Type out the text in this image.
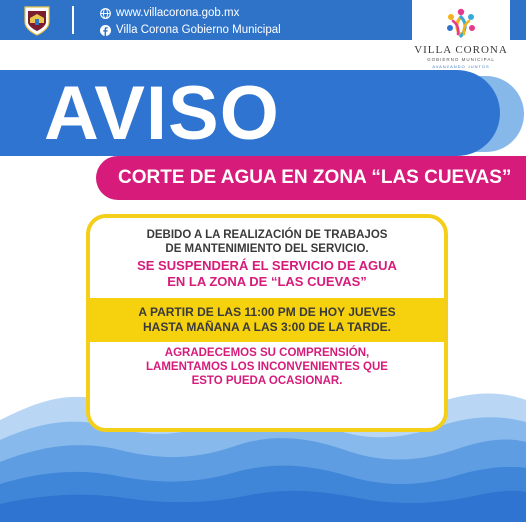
www.villacorona.gob.mx
Villa Corona Gobierno Municipal
VILLA CORONA
GOBIERNO MUNICIPAL
AVANZANDO JUNTOS
AVISO
CORTE DE AGUA EN ZONA “LAS CUEVAS”
DEBIDO A LA REALIZACIÓN DE TRABAJOS
DE MANTENIMIENTO DEL SERVICIO.
SE SUSPENDERÁ EL SERVICIO DE AGUA
EN LA ZONA DE “LAS CUEVAS”
A PARTIR DE LAS 11:00 PM DE HOY JUEVES
HASTA MAÑANA A LAS 3:00 DE LA TARDE.
AGRADECEMOS SU COMPRENSIÓN,
LAMENTAMOS LOS INCONVENIENTES QUE
ESTO PUEDA OCASIONAR.
